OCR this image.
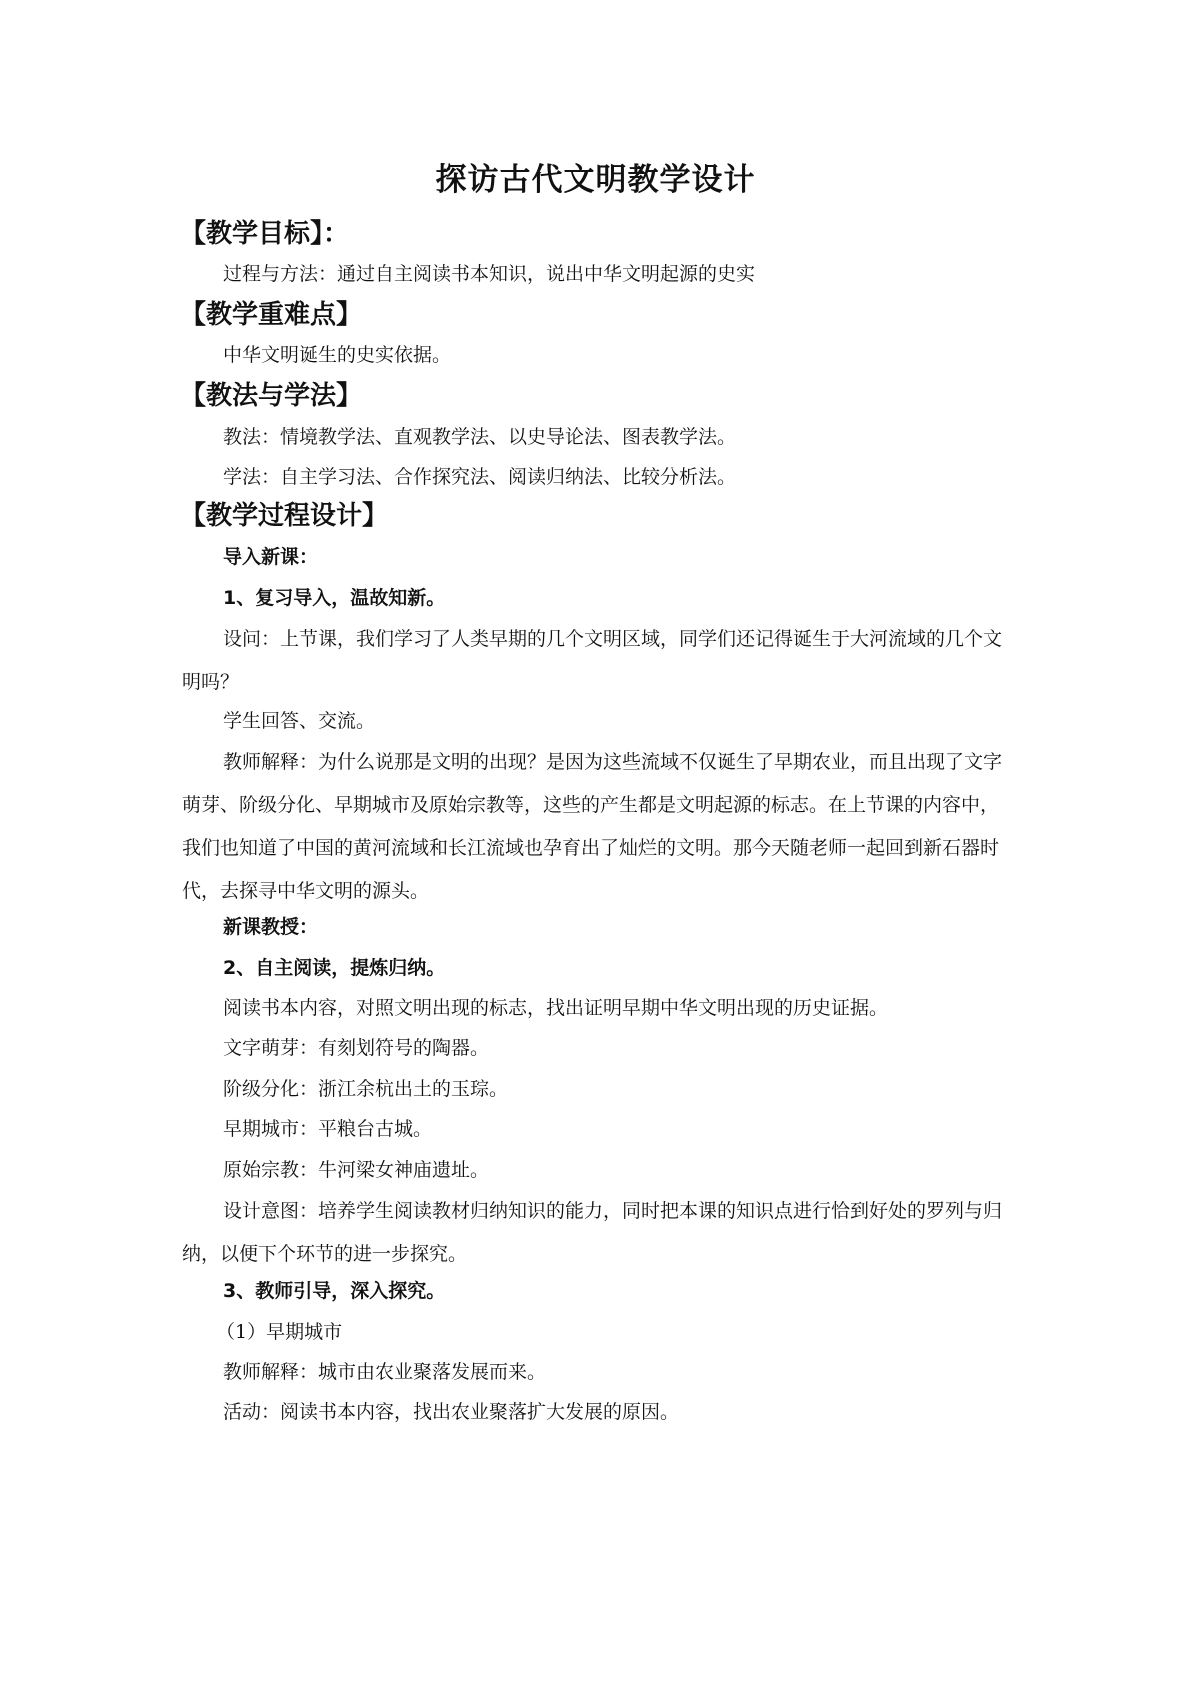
探访古代文明教学设计
【教学目标】：
过程与方法：通过自主阅读书本知识，说出中华文明起源的史实
【教学重难点】
中华文明诞生的史实依据。
【教法与学法】
教法：情境教学法、直观教学法、以史导论法、图表教学法。
学法：自主学习法、合作探究法、阅读归纳法、比较分析法。
【教学过程设计】
导入新课：
1、复习导入，温故知新。
设问：上节课，我们学习了人类早期的几个文明区域，同学们还记得诞生于大河流域的几个文明吗？
学生回答、交流。
教师解释：为什么说那是文明的出现？是因为这些流域不仅诞生了早期农业，而且出现了文字萌芽、阶级分化、早期城市及原始宗教等，这些的产生都是文明起源的标志。在上节课的内容中，我们也知道了中国的黄河流域和长江流域也孕育出了灿烂的文明。那今天随老师一起回到新石器时代，去探寻中华文明的源头。
新课教授：
2、自主阅读，提炼归纳。
阅读书本内容，对照文明出现的标志，找出证明早期中华文明出现的历史证据。
文字萌芽：有刻划符号的陶器。
阶级分化：浙江余杭出土的玉琮。
早期城市：平粮台古城。
原始宗教：牛河梁女神庙遗址。
设计意图：培养学生阅读教材归纳知识的能力，同时把本课的知识点进行恰到好处的罗列与归纳，以便下个环节的进一步探究。
3、教师引导，深入探究。
（1）早期城市
教师解释：城市由农业聚落发展而来。
活动：阅读书本内容，找出农业聚落扩大发展的原因。
